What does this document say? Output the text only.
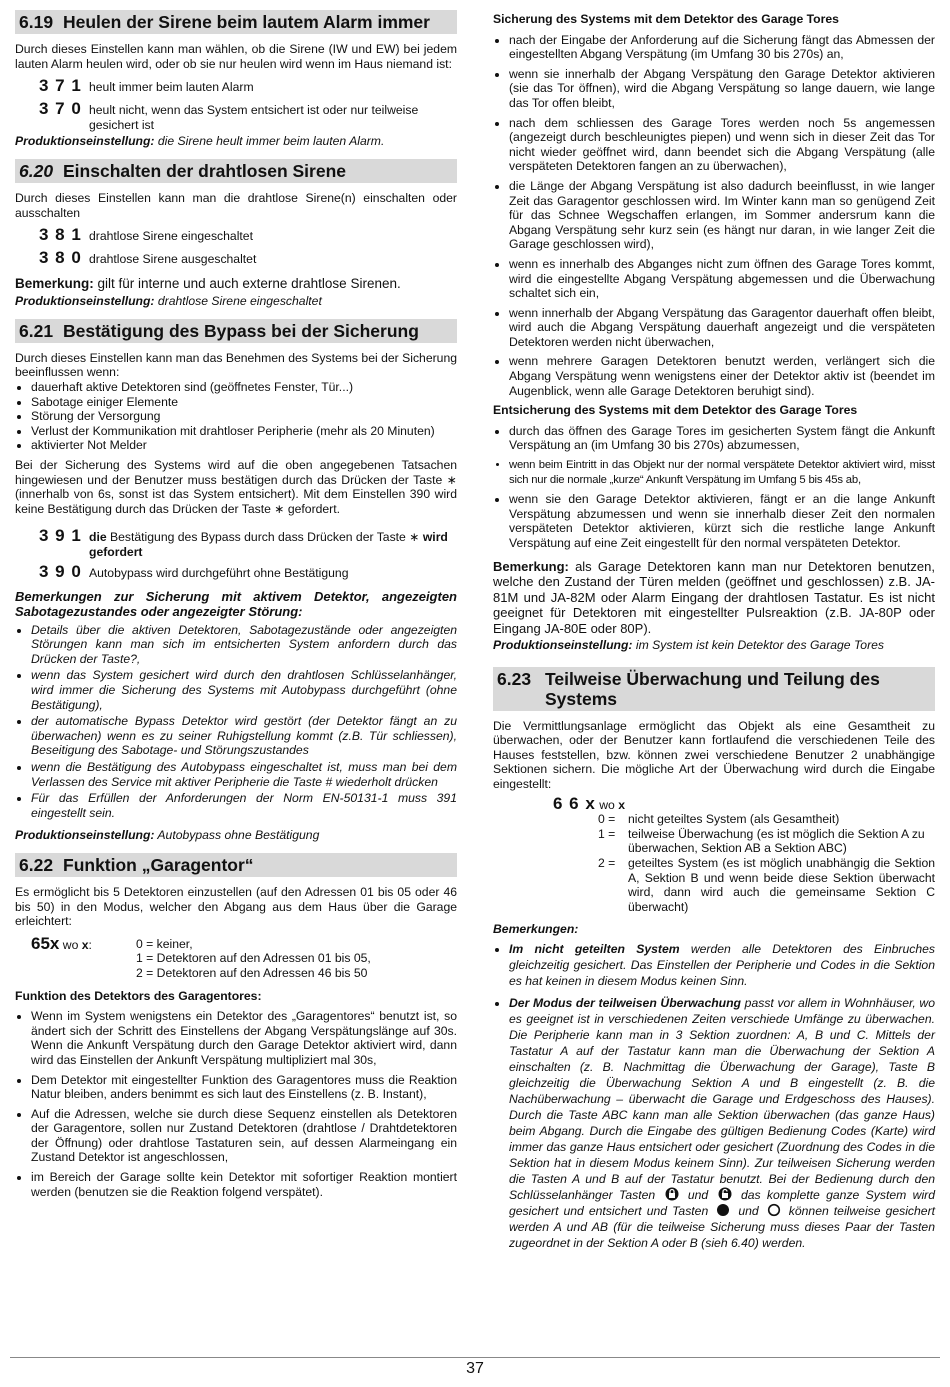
6.19 Heulen der Sirene beim lautem Alarm immer

Durch dieses Einstellen kann man wählen, ob die Sirene (IW und EW) bei jedem lauten Alarm heulen wird, oder ob sie nur heulen wird wenn im Haus niemand ist:

3 7 1 heult immer beim lauten Alarm
3 7 0 heult nicht, wenn das System entsichert ist oder nur teilweise gesichert ist

Produktionseinstellung: die Sirene heult immer beim lauten Alarm.

6.20 Einschalten der drahtlosen Sirene

Durch dieses Einstellen kann man die drahtlose Sirene(n) einschalten oder ausschalten

3 8 1 drahtlose Sirene eingeschaltet
3 8 0 drahtlose Sirene ausgeschaltet

Bemerkung: gilt für interne und auch externe drahtlose Sirenen.

Produktionseinstellung: drahtlose Sirene eingeschaltet

6.21 Bestätigung des Bypass bei der Sicherung

Durch dieses Einstellen kann man das Benehmen des Systems bei der Sicherung beeinflussen wenn:

• dauerhaft aktive Detektoren sind (geöffnetes Fenster, Tür...)
• Sabotage einiger Elemente
• Störung der Versorgung
• Verlust der Kommunikation mit drahtloser Peripherie (mehr als 20 Minuten)
• aktivierter Not Melder

Bei der Sicherung des Systems wird auf die oben angegebenen Tatsachen hingewiesen und der Benutzer muss bestätigen durch das Drücken der Taste ∗ (innerhalb von 6s, sonst ist das System entsichert). Mit dem Einstellen 390 wird keine Bestätigung durch das Drücken der Taste ∗ gefordert.

3 9 1 die Bestätigung des Bypass durch dass Drücken der Taste ∗ wird gefordert
3 9 0 Autobypass wird durchgeführt ohne Bestätigung

Bemerkungen zur Sicherung mit aktivem Detektor, angezeigten Sabotagezustandes oder angezeigter Störung:

• Details über die aktiven Detektoren, Sabotagezustände oder angezeigten Störungen kann man sich im entsicherten System anfordern durch das Drücken der Taste?,
• wenn das System gesichert wird durch den drahtlosen Schlüsselanhänger, wird immer die Sicherung des Systems mit Autobypass durchgeführt (ohne Bestätigung),
• der automatische Bypass Detektor wird gestört (der Detektor fängt an zu überwachen) wenn es zu seiner Ruhigstellung kommt (z.B. Tür schliessen), Beseitigung des Sabotage- und Störungszustandes
• wenn die Bestätigung des Autobypass eingeschaltet ist, muss man bei dem Verlassen des Service mit aktiver Peripherie die Taste # wiederholt drücken
• Für das Erfüllen der Anforderungen der Norm EN-50131-1 muss 391 eingestellt sein.

Produktionseinstellung: Autobypass ohne Bestätigung

6.22 Funktion „Garagentor“

Es ermöglicht bis 5 Detektoren einzustellen (auf den Adressen 01 bis 05 oder 46 bis 50) in den Modus, welcher den Abgang aus dem Haus über die Garage erleichtert:

65x wo x:	0 = keiner,
1 = Detektoren auf den Adressen 01 bis 05,
2 = Detektoren auf den Adressen 46 bis 50

Funktion des Detektors des Garagentores:

• Wenn im System wenigstens ein Detektor des „Garagentores“ benutzt ist, so ändert sich der Schritt des Einstellens der Abgang Verspätungslänge auf 30s. Wenn die Ankunft Verspätung durch den Garage Detektor aktiviert wird, dann wird das Einstellen der Ankunft Verspätung multipliziert mal 30s,
• Dem Detektor mit eingestellter Funktion des Garagentores muss die Reaktion Natur bleiben, anders benimmt es sich laut des Einstellens (z. B. Instant),
• Auf die Adressen, welche sie durch diese Sequenz einstellen als Detektoren der Garagentore, sollen nur Zustand Detektoren (drahtlose / Drahtdetektoren der Öffnung) oder drahtlose Tastaturen sein, auf dessen Alarmeingang ein Zustand Detektor ist angeschlossen,
• im Bereich der Garage sollte kein Detektor mit sofortiger Reaktion montiert werden (benutzen sie die Reaktion folgend verspätet).

Sicherung des Systems mit dem Detektor des Garage Tores

• nach der Eingabe der Anforderung auf die Sicherung fängt das Abmessen der eingestellten Abgang Verspätung (im Umfang 30 bis 270s) an,
• wenn sie innerhalb der Abgang Verspätung den Garage Detektor aktivieren (sie das Tor öffnen), wird die Abgang Verspätung so lange dauern, wie lange das Tor offen bleibt,
• nach dem schliessen des Garage Tores werden noch 5s angemessen (angezeigt durch beschleunigtes piepen) und wenn sich in dieser Zeit das Tor nicht wieder geöffnet wird, dann beendet sich die Abgang Verspätung (alle verspäteten Detektoren fangen an zu überwachen),
• die Länge der Abgang Verspätung ist also dadurch beeinflusst, in wie langer Zeit das Garagentor geschlossen wird. Im Winter kann man so genügend Zeit für das Schnee Wegschaffen erlangen, im Sommer andersrum kann die Abgang Verspätung sehr kurz sein (es hängt nur daran, in wie langer Zeit die Garage geschlossen wird),
• wenn es innerhalb des Abganges nicht zum öffnen des Garage Tores kommt, wird die eingestellte Abgang Verspätung abgemessen und die Überwachung schaltet sich ein,
• wenn innerhalb der Abgang Verspätung das Garagentor dauerhaft offen bleibt, wird auch die Abgang Verspätung dauerhaft angezeigt und die verspäteten Detektoren werden nicht überwachen,
• wenn mehrere Garagen Detektoren benutzt werden, verlängert sich die Abgang Verspätung wenn wenigstens einer der Detektor aktiv ist (beendet im Augenblick, wenn alle Garage Detektoren beruhigt sind).

Entsicherung des Systems mit dem Detektor des Garage Tores

• durch das öffnen des Garage Tores im gesicherten System fängt die Ankunft Verspätung an (im Umfang 30 bis 270s) abzumessen,
• wenn beim Eintritt in das Objekt nur der normal verspätete Detektor aktiviert wird, misst sich nur die normale „kurze“ Ankunft Verspätung im Umfang 5 bis 45s ab,
• wenn sie den Garage Detektor aktivieren, fängt er an die lange Ankunft Verspätung abzumessen und wenn sie innerhalb dieser Zeit den normalen verspäteten Detektor aktivieren, kürzt sich die restliche lange Ankunft Verspätung auf eine Zeit eingestellt für den normal verspäteten Detektor.

Bemerkung: als Garage Detektoren kann man nur Detektoren benutzen, welche den Zustand der Türen melden (geöffnet und geschlossen) z.B. JA-81M und JA-82M oder Alarm Eingang der drahtlosen Tastatur. Es ist nicht geeignet für Detektoren mit eingestellter Pulsreaktion (z.B. JA-80P oder Eingang JA-80E oder 80P).

Produktionseinstellung: im System ist kein Detektor des Garage Tores

6.23 Teilweise Überwachung und Teilung des Systems

Die Vermittlungsanlage ermöglicht das Objekt als eine Gesamtheit zu überwachen, oder der Benutzer kann fortlaufend die verschiedenen Teile des Hauses feststellen, bzw. können zwei verschiedene Benutzer 2 unabhängige Sektionen sichern. Die mögliche Art der Überwachung wird durch die Eingabe eingestellt:

6 6 x wo x
0 =	nicht geteiltes System (als Gesamtheit)
1 =	teilweise Überwachung (es ist möglich die Sektion A zu überwachen, Sektion AB a Sektion ABC)
2 =	geteiltes System (es ist möglich unabhängig die Sektion A, Sektion B und wenn beide diese Sektion überwacht wird, dann wird auch die gemeinsame Sektion C überwacht)

Bemerkungen:

• Im nicht geteilten System werden alle Detektoren des Einbruches gleichzeitig gesichert. Das Einstellen der Peripherie und Codes in die Sektion es hat keinen in diesem Modus keinen Sinn.
• Der Modus der teilweisen Überwachung passt vor allem in Wohnhäuser, wo es geeignet ist in verschiedenen Zeiten verschiede Umfänge zu überwachen. Die Peripherie kann man in 3 Sektion zuordnen: A, B und C. Mittels der Tastatur A auf der Tastatur kann man die Überwachung der Sektion A einschalten (z. B. Nachmittag die Überwachung der Garage), Taste B gleichzeitig die Überwachung Sektion A und B eingestellt (z. B. die Nachüberwachung – überwacht die Garage und Erdgeschoss des Hauses). Durch die Taste ABC kann man alle Sektion überwachen (das ganze Haus) beim Abgang. Durch die Eingabe des gültigen Bedienung Codes (Karte) wird immer das ganze Haus entsichert oder gesichert (Zuordnung des Codes in die Sektion hat in diesem Modus keinem Sinn). Zur teilweisen Sicherung werden die Tasten A und B auf der Tastatur benutzt. Bei der Bedienung durch den Schlüsselanhänger Tasten	und	das komplette ganze System wird gesichert und entsichert und Tasten und können teilweise gesichert werden A und AB (für die teilweise Sicherung muss dieses Paar der Tasten zugeordnet in der Sektion A oder B (sieh 6.40) werden.
37
